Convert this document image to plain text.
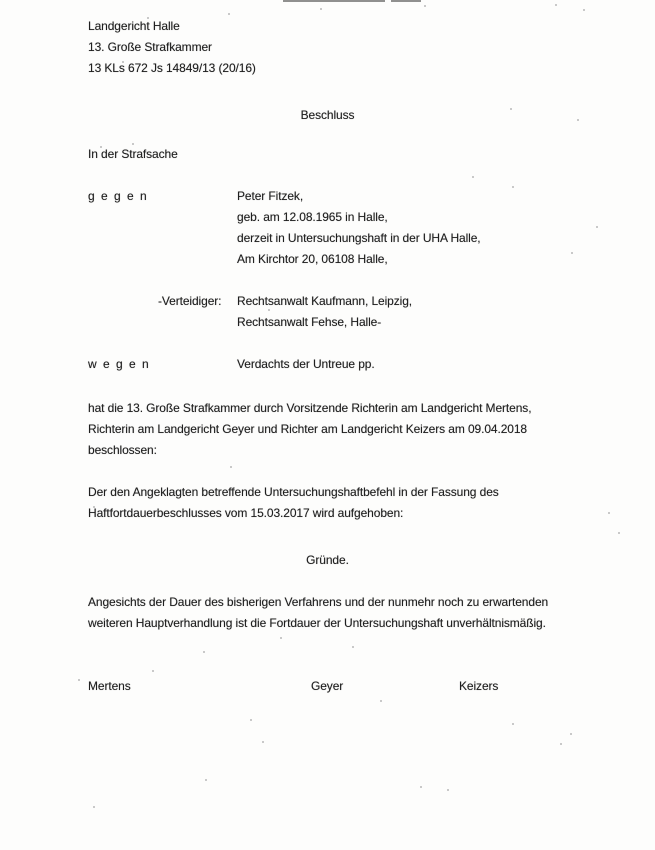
Landgericht Halle
13. Große Strafkammer
13 KLs 672 Js 14849/13 (20/16)
Beschluss
In der Strafsache
g e g e n	Peter Fitzek,
geb. am 12.08.1965 in Halle,
derzeit in Untersuchungshaft in der UHA Halle,
Am Kirchtor 20, 06108 Halle,
-Verteidiger: Rechtsanwalt Kaufmann, Leipzig,
Rechtsanwalt Fehse, Halle-
w e g e n	Verdachts der Untreue pp.
hat die 13. Große Strafkammer durch Vorsitzende Richterin am Landgericht Mertens,
Richterin am Landgericht Geyer und Richter am Landgericht Keizers am 09.04.2018
beschlossen:
Der den Angeklagten betreffende Untersuchungshaftbefehl in der Fassung des
Haftfortdauerbeschlusses vom 15.03.2017 wird aufgehoben:
Gründe.
Angesichts der Dauer des bisherigen Verfahrens und der nunmehr noch zu erwartenden
weiteren Hauptverhandlung ist die Fortdauer der Untersuchungshaft unverhältnismäßig.
Mertens	Geyer	Keizers
